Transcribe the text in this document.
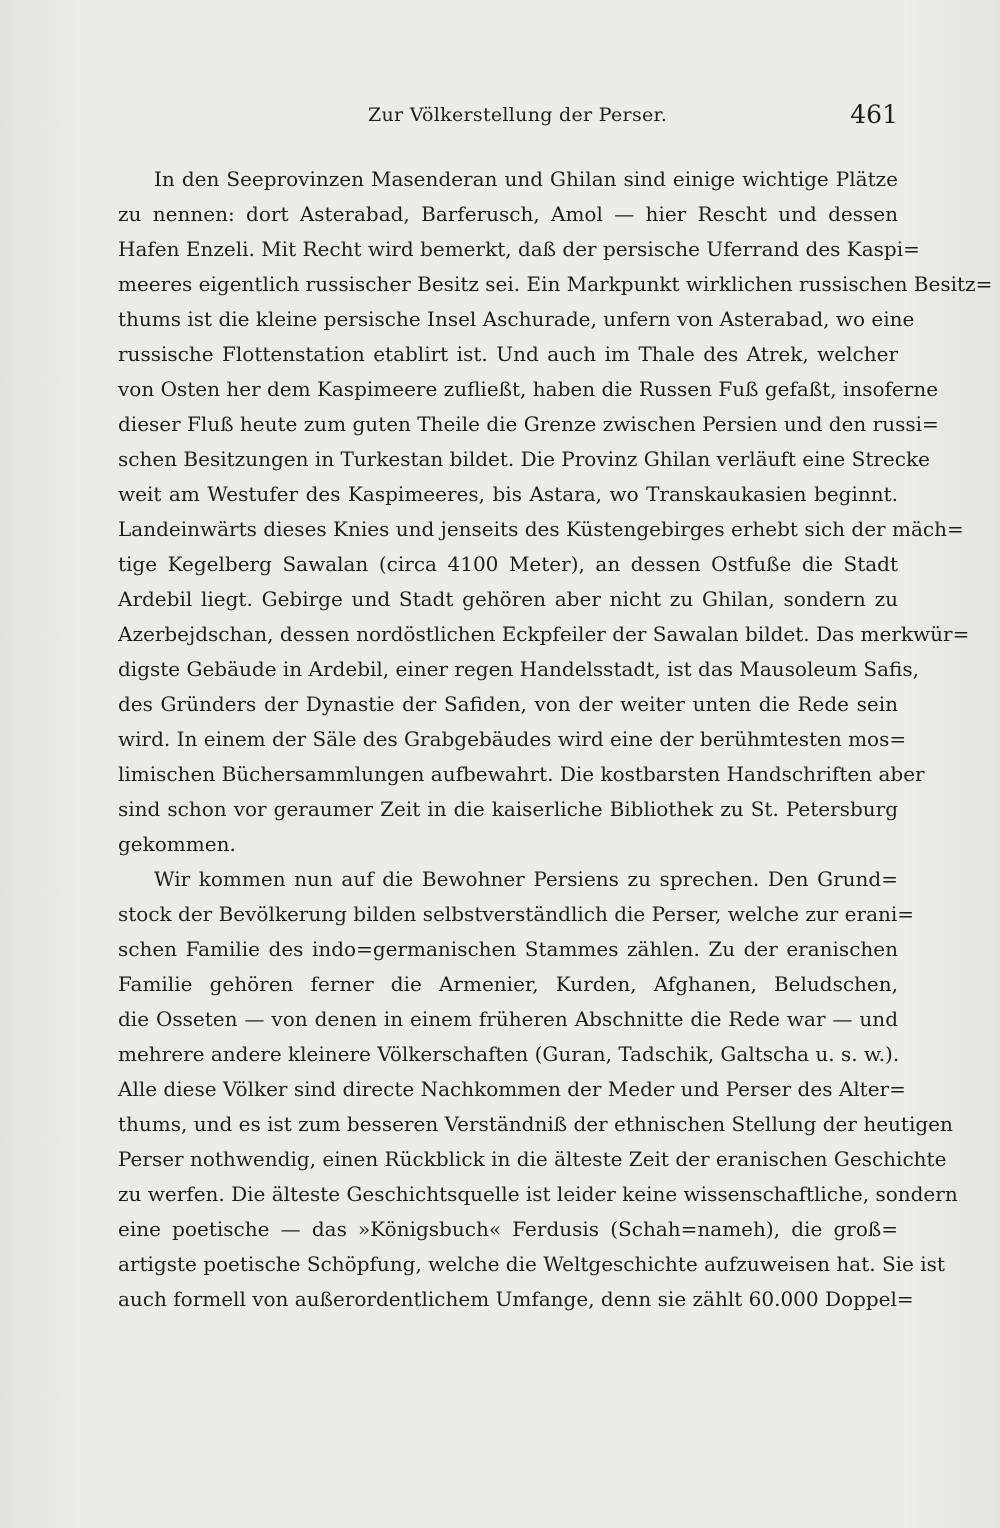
Zur Völkerstellung der Perser.	461
In den Seeprovinzen Masenderan und Ghilan sind einige wichtige Plätze
zu nennen: dort Asterabad, Barferusch, Amol — hier Rescht und dessen
Hafen Enzeli. Mit Recht wird bemerkt, daß der persische Uferrand des Kaspi=
meeres eigentlich russischer Besitz sei. Ein Markpunkt wirklichen russischen Besitz=
thums ist die kleine persische Insel Aschurade, unfern von Asterabad, wo eine
russische Flottenstation etablirt ist. Und auch im Thale des Atrek, welcher
von Osten her dem Kaspimeere zufließt, haben die Russen Fuß gefaßt, insoferne
dieser Fluß heute zum guten Theile die Grenze zwischen Persien und den russi=
schen Besitzungen in Turkestan bildet. Die Provinz Ghilan verläuft eine Strecke
weit am Westufer des Kaspimeeres, bis Astara, wo Transkaukasien beginnt.
Landeinwärts dieses Knies und jenseits des Küstengebirges erhebt sich der mäch=
tige Kegelberg Sawalan (circa 4100 Meter), an dessen Ostfuße die Stadt
Ardebil liegt. Gebirge und Stadt gehören aber nicht zu Ghilan, sondern zu
Azerbejdschan, dessen nordöstlichen Eckpfeiler der Sawalan bildet. Das merkwür=
digste Gebäude in Ardebil, einer regen Handelsstadt, ist das Mausoleum Safis,
des Gründers der Dynastie der Safiden, von der weiter unten die Rede sein
wird. In einem der Säle des Grabgebäudes wird eine der berühmtesten mos=
limischen Büchersammlungen aufbewahrt. Die kostbarsten Handschriften aber
sind schon vor geraumer Zeit in die kaiserliche Bibliothek zu St. Petersburg
gekommen.
Wir kommen nun auf die Bewohner Persiens zu sprechen. Den Grund=
stock der Bevölkerung bilden selbstverständlich die Perser, welche zur erani=
schen Familie des indo=germanischen Stammes zählen. Zu der eranischen
Familie gehören ferner die Armenier, Kurden, Afghanen, Beludschen,
die Osseten — von denen in einem früheren Abschnitte die Rede war — und
mehrere andere kleinere Völkerschaften (Guran, Tadschik, Galtscha u. s. w.).
Alle diese Völker sind directe Nachkommen der Meder und Perser des Alter=
thums, und es ist zum besseren Verständniß der ethnischen Stellung der heutigen
Perser nothwendig, einen Rückblick in die älteste Zeit der eranischen Geschichte
zu werfen. Die älteste Geschichtsquelle ist leider keine wissenschaftliche, sondern
eine poetische — das »Königsbuch« Ferdusis (Schah=nameh), die groß=
artigste poetische Schöpfung, welche die Weltgeschichte aufzuweisen hat. Sie ist
auch formell von außerordentlichem Umfange, denn sie zählt 60.000 Doppel=
